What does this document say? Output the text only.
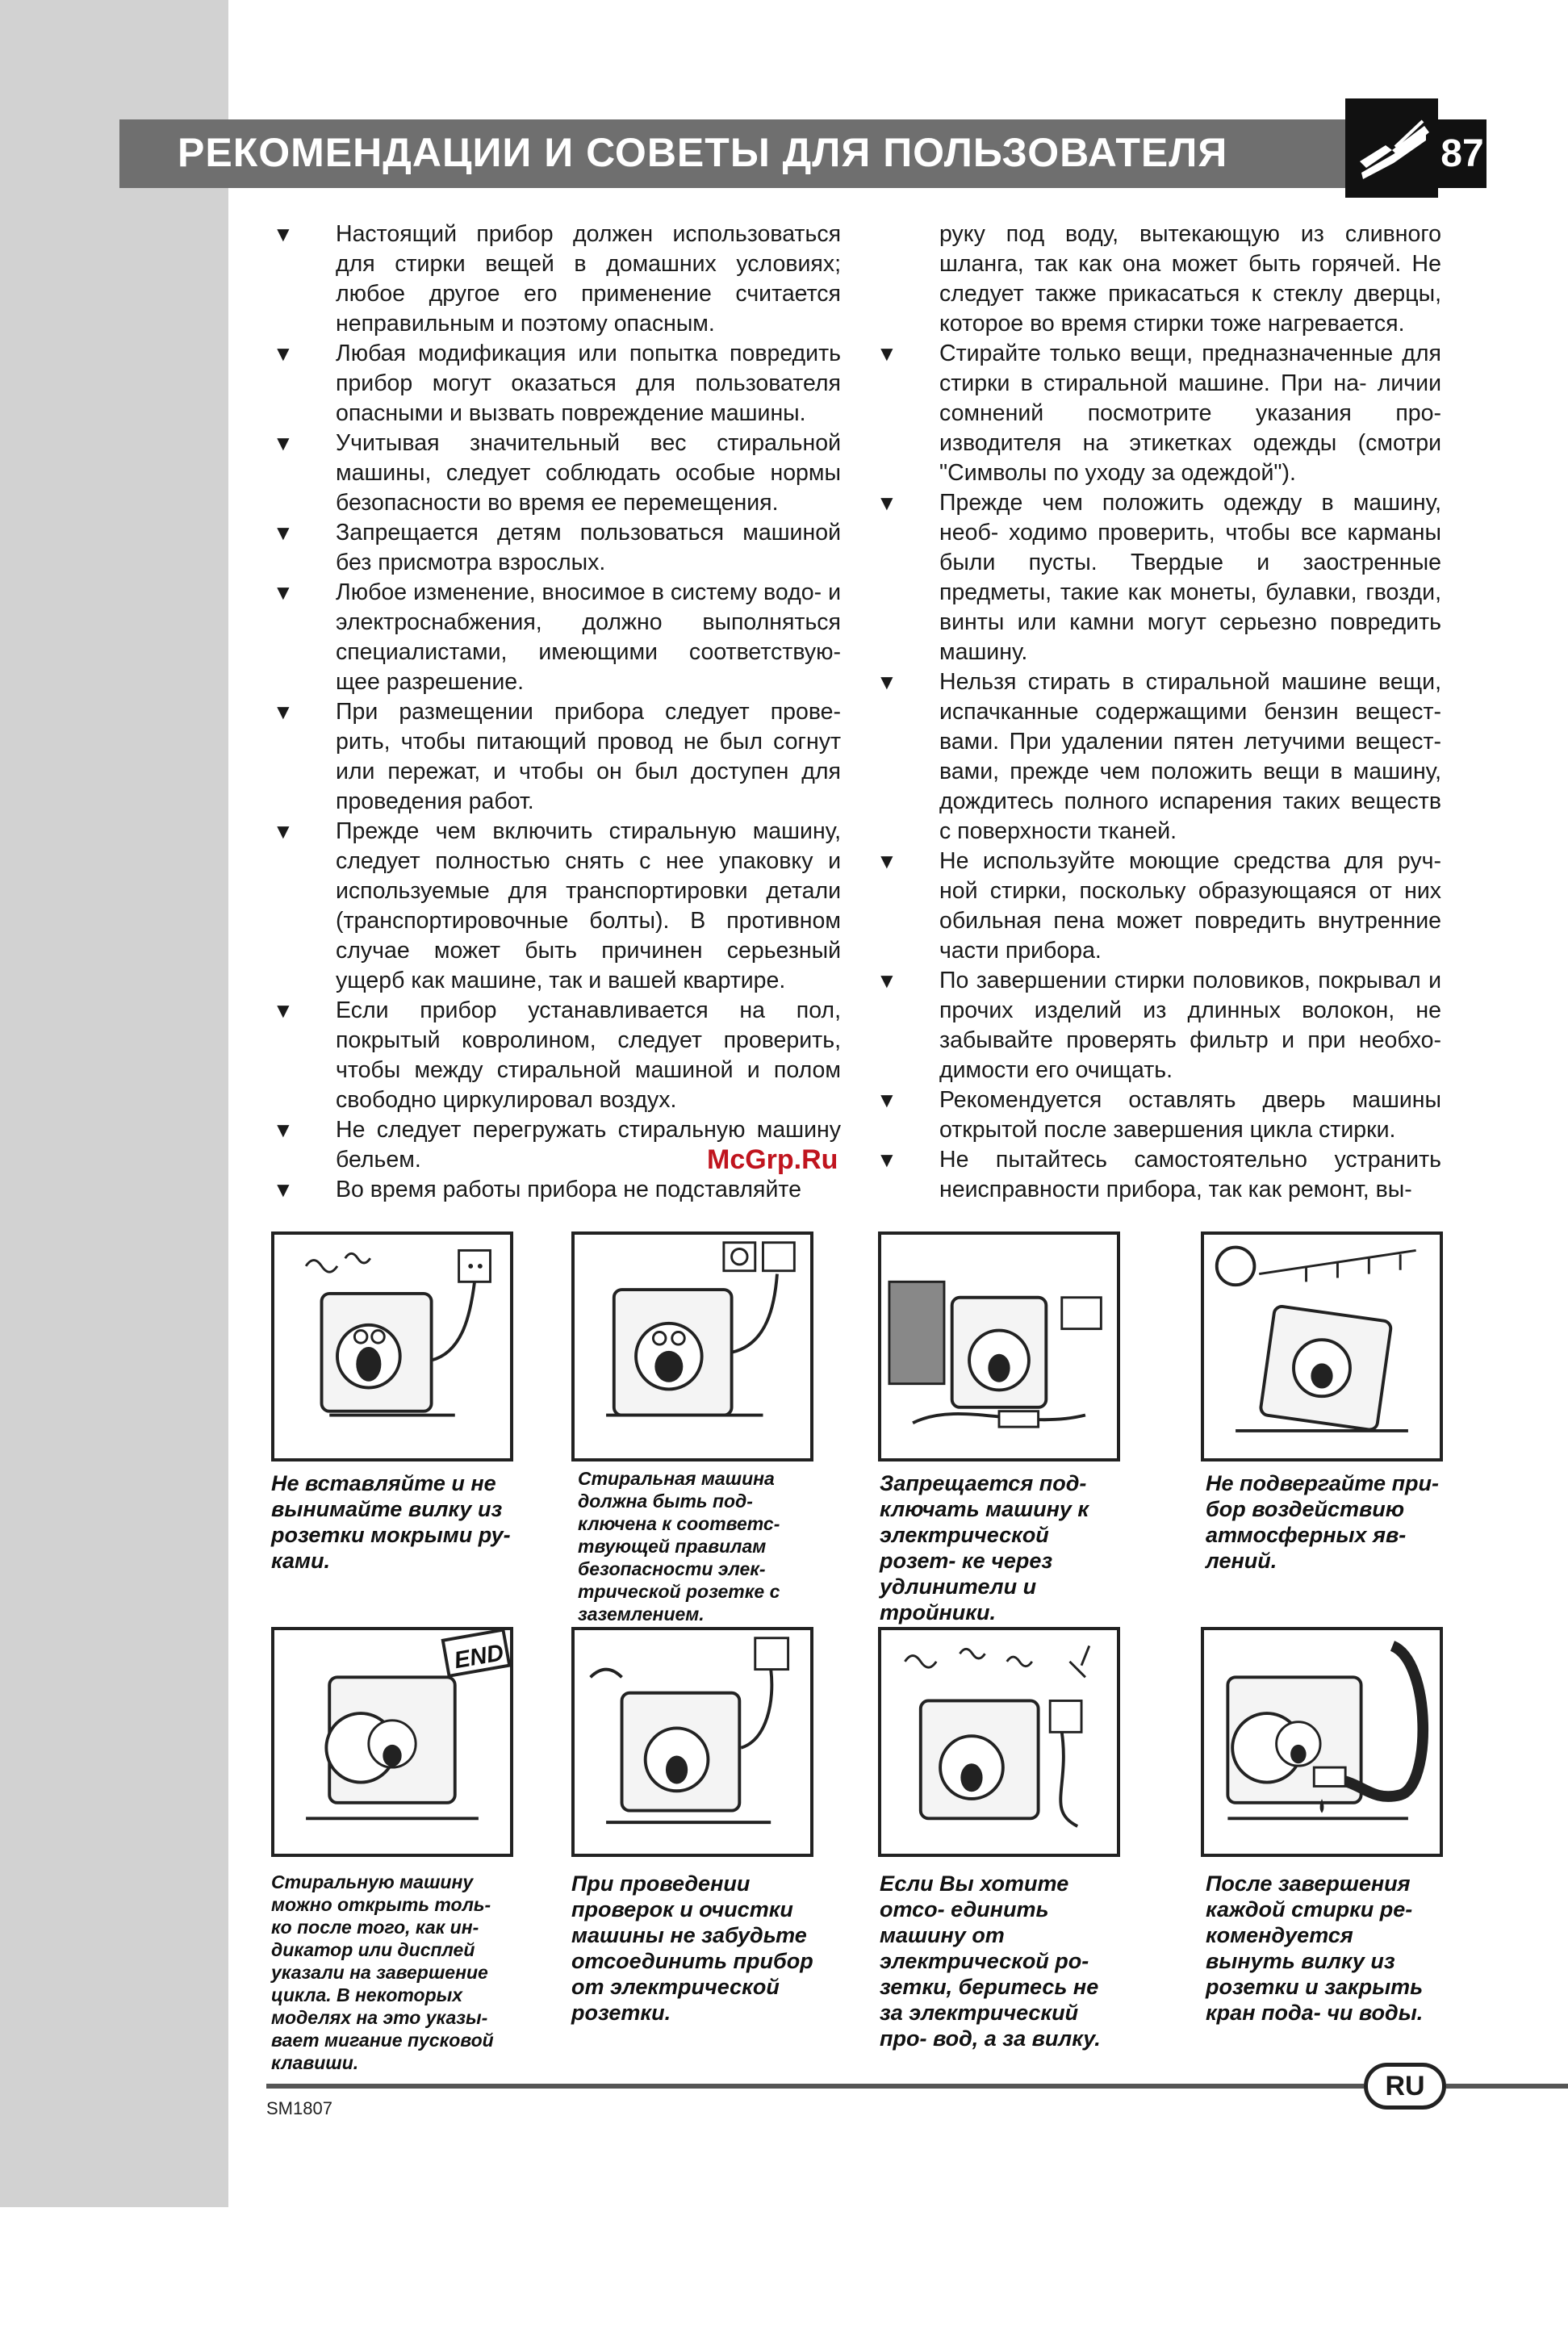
РЕКОМЕНДАЦИИ И СОВЕТЫ ДЛЯ ПОЛЬЗОВАТЕЛЯ	87
▼ Настоящий прибор должен использоваться для стирки вещей в домашних условиях; любое другое его применение считается неправильным и поэтому опасным.
▼ Любая модификация или попытка повредить прибор могут оказаться для пользователя опасными и вызвать повреждение машины.
▼ Учитывая значительный вес стиральной машины, следует соблюдать особые нормы безопасности во время ее перемещения.
▼ Запрещается детям пользоваться машиной без присмотра взрослых.
▼ Любое изменение, вносимое в систему водо- и электроснабжения, должно выполняться специалистами, имеющими соответствую- щее разрешение.
▼ При размещении прибора следует прове- рить, чтобы питающий провод не был согнут или пережат, и чтобы он был доступен для проведения работ.
▼ Прежде чем включить стиральную машину, следует полностью снять с нее упаковку и используемые для транспортировки детали (транспортировочные болты). В противном случае может быть причинен серьезный ущерб как машине, так и вашей квартире.
▼ Если прибор устанавливается на пол, покрытый ковролином, следует проверить, чтобы между стиральной машиной и полом свободно циркулировал воздух.
▼ Не следует перегружать стиральную машину бельем.
▼ Во время работы прибора не подставляйте
руку под воду, вытекающую из сливного шланга, так как она может быть горячей. Не следует также прикасаться к стеклу дверцы, которое во время стирки тоже нагревается.
▼ Стирайте только вещи, предназначенные для стирки в стиральной машине. При на- личии сомнений посмотрите указания про- изводителя на этикетках одежды (смотри "Символы по уходу за одеждой").
▼ Прежде чем положить одежду в машину, необ- ходимо проверить, чтобы все карманы были пусты. Твердые и заостренные предметы, такие как монеты, булавки, гвозди, винты или камни могут серьезно повредить машину.
▼ Нельзя стирать в стиральной машине вещи, испачканные содержащими бензин вещест- вами. При удалении пятен летучими вещест- вами, прежде чем положить вещи в машину, дождитесь полного испарения таких веществ с поверхности тканей.
▼ Не используйте моющие средства для руч- ной стирки, поскольку образующаяся от них обильная пена может повредить внутренние части прибора.
▼ По завершении стирки половиков, покрывал и прочих изделий из длинных волокон, не забывайте проверять фильтр и при необхо- димости его очищать.
▼ Рекомендуется оставлять дверь машины открытой после завершения цикла стирки.
▼ Не пытайтесь самостоятельно устранить неисправности прибора, так как ремонт, вы-
McGrp.Ru
Не вставляйте и не вынимайте вилку из розетки мокрыми ру- ками.
Стиральная машина должна быть под- ключена к соответс- твующей правилам безопасности элек- трической розетке с заземлением.
Запрещается под- ключать машину к электрической розет- ке через удлинители и тройники.
Не подвергайте при- бор воздействию атмосферных яв- лений.
END
Стиральную машину можно открыть толь- ко после того, как ин- дикатор или дисплей указали на завершение цикла. В некоторых моделях на это указы- вает мигание пусковой клавиши.
При проведении проверок и очистки машины не забудьте отсоединить прибор от электрической розетки.
Если Вы хотите отсо- единить машину от электрической ро- зетки, беритесь не за электрический про- вод, а за вилку.
После завершения каждой стирки ре- комендуется вынуть вилку из розетки и закрыть кран пода- чи воды.
RU
SM1807
